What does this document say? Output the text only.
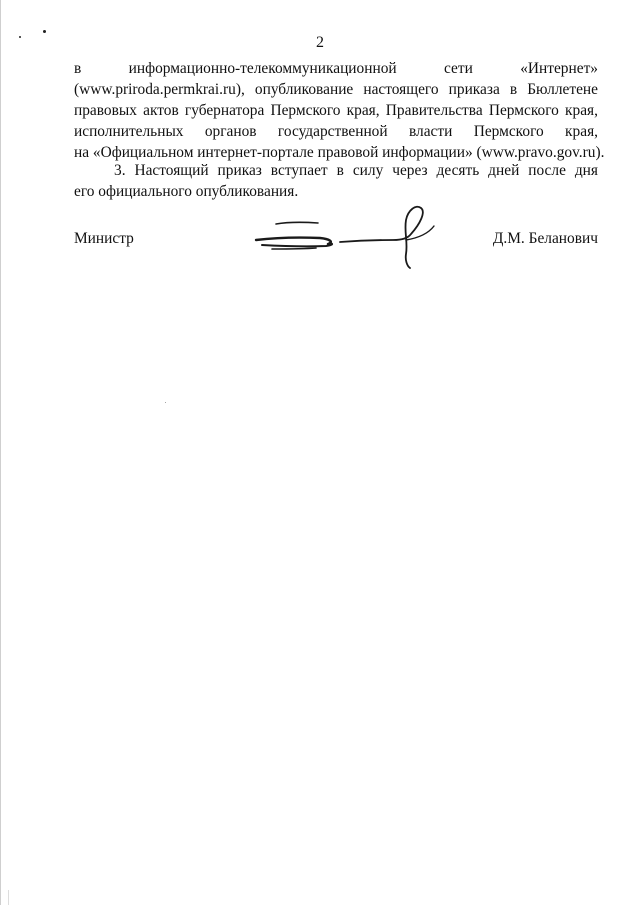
2
в информационно-телекоммуникационной сети «Интернет»
(www.priroda.permkrai.ru), опубликование настоящего приказа в Бюллетене
правовых актов губернатора Пермского края, Правительства Пермского края,
исполнительных органов государственной власти Пермского края,
на «Официальном интернет-портале правовой информации» (www.pravo.gov.ru).
3. Настоящий приказ вступает в силу через десять дней после дня
его официального опубликования.
Министр	Д.М. Беланович
